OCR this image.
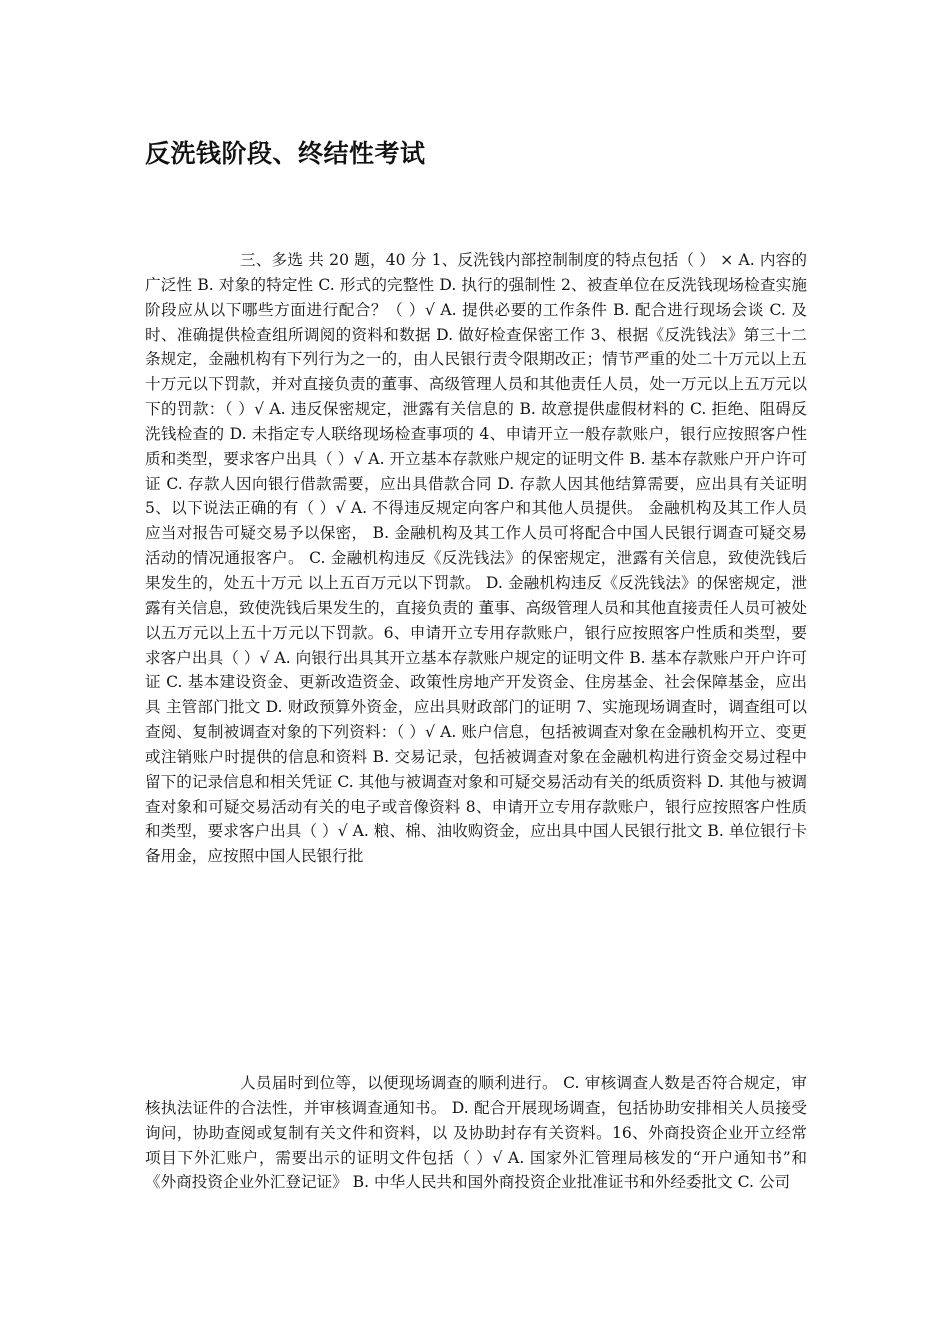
反洗钱阶段、终结性考试

三、多选 共 20 题，40 分 1、反洗钱内部控制制度的特点包括（ ） × A. 内容的广泛性 B. 对象的特定性 C. 形式的完整性 D. 执行的强制性 2、被查单位在反洗钱现场检查实施阶段应从以下哪些方面进行配合？（ ）√ A. 提供必要的工作条件 B. 配合进行现场会谈 C. 及时、准确提供检查组所调阅的资料和数据 D. 做好检查保密工作 3、根据《反洗钱法》第三十二条规定，金融机构有下列行为之一的，由人民银行责令限期改正；情节严重的处二十万元以上五十万元以下罚款，并对直接负责的董事、高级管理人员和其他责任人员，处一万元以上五万元以下的罚款：（ ）√ A. 违反保密规定，泄露有关信息的 B. 故意提供虚假材料的 C. 拒绝、阻碍反洗钱检查的 D. 未指定专人联络现场检查事项的 4、申请开立一般存款账户，银行应按照客户性质和类型，要求客户出具（ ）√ A. 开立基本存款账户规定的证明文件 B. 基本存款账户开户许可证 C. 存款人因向银行借款需要，应出具借款合同 D. 存款人因其他结算需要，应出具有关证明 5、以下说法正确的有（ ）√ A. 不得违反规定向客户和其他人员提供。 金融机构及其工作人员应当对报告可疑交易予以保密， B. 金融机构及其工作人员可将配合中国人民银行调查可疑交易活动的情况通报客户。 C. 金融机构违反《反洗钱法》的保密规定，泄露有关信息，致使洗钱后果发生的，处五十万元 以上五百万元以下罚款。 D. 金融机构违反《反洗钱法》的保密规定，泄露有关信息，致使洗钱后果发生的，直接负责的 董事、高级管理人员和其他直接责任人员可被处以五万元以上五十万元以下罚款。6、申请开立专用存款账户，银行应按照客户性质和类型，要求客户出具（ ）√ A. 向银行出具其开立基本存款账户规定的证明文件 B. 基本存款账户开户许可证 C. 基本建设资金、更新改造资金、政策性房地产开发资金、住房基金、社会保障基金，应出具 主管部门批文 D. 财政预算外资金，应出具财政部门的证明 7、实施现场调查时，调查组可以查阅、复制被调查对象的下列资料：（ ）√ A. 账户信息，包括被调查对象在金融机构开立、变更或注销账户时提供的信息和资料 B. 交易记录，包括被调查对象在金融机构进行资金交易过程中留下的记录信息和相关凭证 C. 其他与被调查对象和可疑交易活动有关的纸质资料 D. 其他与被调查对象和可疑交易活动有关的电子或音像资料 8、申请开立专用存款账户，银行应按照客户性质和类型，要求客户出具（ ）√ A. 粮、棉、油收购资金，应出具中国人民银行批文 B. 单位银行卡备用金，应按照中国人民银行批

人员届时到位等，以便现场调查的顺利进行。 C. 审核调查人数是否符合规定，审核执法证件的合法性，并审核调查通知书。 D. 配合开展现场调查，包括协助安排相关人员接受询问，协助查阅或复制有关文件和资料，以 及协助封存有关资料。16、外商投资企业开立经常项目下外汇账户，需要出示的证明文件包括（ ）√ A. 国家外汇管理局核发的“开户通知书”和《外商投资企业外汇登记证》 B. 中华人民共和国外商投资企业批准证书和外经委批文 C. 公司
